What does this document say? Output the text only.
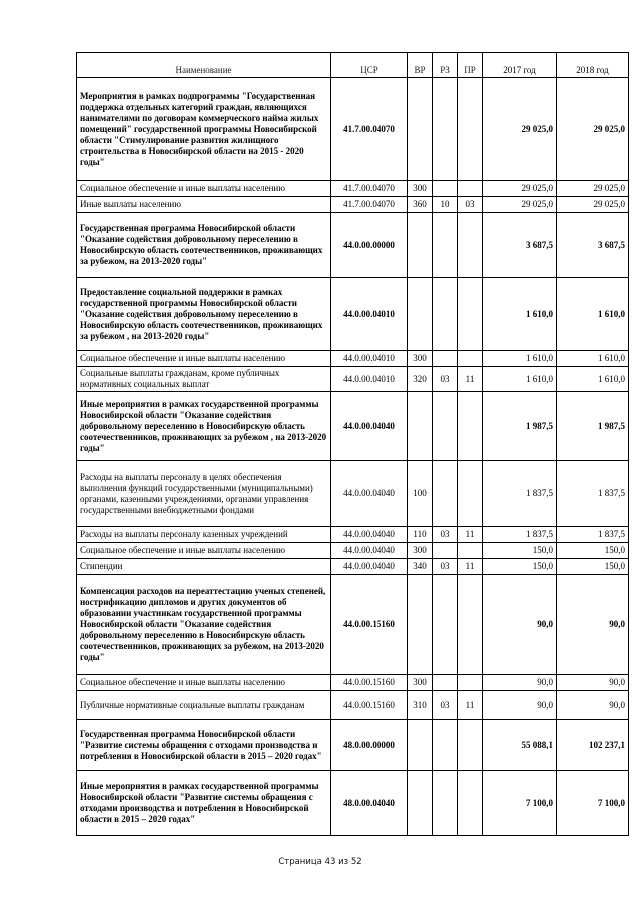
Наименование	ЦСР	ВР	РЗ	ПР	2017 год	2018 год
Мероприятия в рамках подпрограммы "Государственная поддержка отдельных категорий граждан, являющихся нанимателями по договорам коммерческого найма жилых помещений" государственной программы Новосибирской области "Стимулирование развития жилищного строительства в Новосибирской области на 2015 - 2020 годы"	41.7.00.04070				29 025,0	29 025,0
Социальное обеспечение и иные выплаты населению	41.7.00.04070	300			29 025,0	29 025,0
Иные выплаты населению	41.7.00.04070	360	10	03	29 025,0	29 025,0
Государственная программа Новосибирской области "Оказание содействия добровольному переселению в Новосибирскую область соотечественников, проживающих за рубежом, на 2013-2020 годы"	44.0.00.00000				3 687,5	3 687,5
Предоставление социальной поддержки в рамках государственной программы Новосибирской области "Оказание содействия добровольному переселению в Новосибирскую область соотечественников, проживающих за рубежом , на 2013-2020 годы"	44.0.00.04010				1 610,0	1 610,0
Социальное обеспечение и иные выплаты населению	44.0.00.04010	300			1 610,0	1 610,0
Социальные выплаты гражданам, кроме публичных нормативных социальных выплат	44.0.00.04010	320	03	11	1 610,0	1 610,0
Иные мероприятия в рамках государственной программы Новосибирской области "Оказание содействия добровольному переселению в Новосибирскую область соотечественников, проживающих за рубежом , на 2013-2020 годы"	44.0.00.04040				1 987,5	1 987,5
Расходы на выплаты персоналу в целях обеспечения выполнения функций государственными (муниципальными) органами, казенными учреждениями, органами управления государственными внебюджетными фондами	44.0.00.04040	100			1 837,5	1 837,5
Расходы на выплаты персоналу казенных учреждений	44.0.00.04040	110	03	11	1 837,5	1 837,5
Социальное обеспечение и иные выплаты населению	44.0.00.04040	300			150,0	150,0
Стипендии	44.0.00.04040	340	03	11	150,0	150,0
Компенсация расходов на переаттестацию ученых степеней, нострификацию дипломов и других документов об образовании участникам государственной программы Новосибирской области "Оказание содействия добровольному переселению в Новосибирскую область соотечественников, проживающих за рубежом, на 2013-2020 годы"	44.0.00.15160				90,0	90,0
Социальное обеспечение и иные выплаты населению	44.0.00.15160	300			90,0	90,0
Публичные нормативные социальные выплаты гражданам	44.0.00.15160	310	03	11	90,0	90,0
Государственная программа Новосибирской области "Развитие системы обращения с отходами производства и потребления в Новосибирской области в 2015 – 2020 годах"	48.0.00.00000				55 088,1	102 237,1
Иные мероприятия в рамках государственной программы Новосибирской области "Развитие системы обращения с отходами производства и потребления в Новосибирской области в 2015 – 2020 годах"	48.0.00.04040				7 100,0	7 100,0
Страница 43 из 52
